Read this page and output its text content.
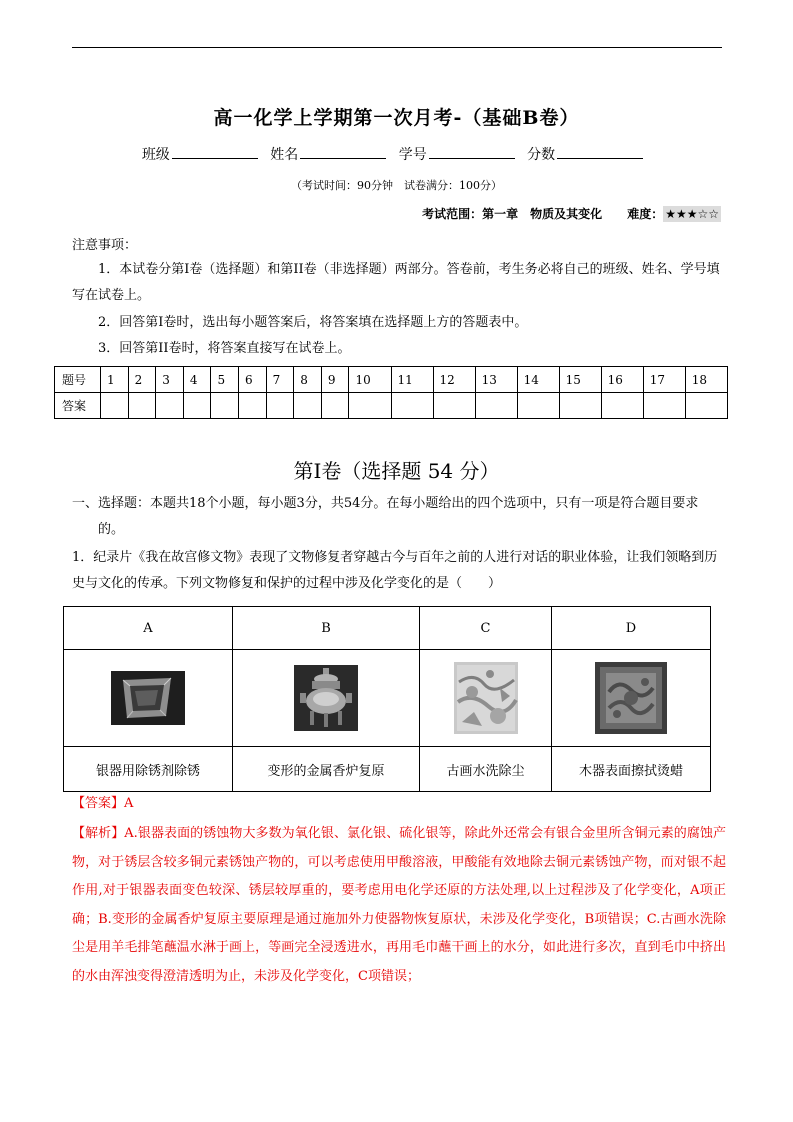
高一化学上学期第一次月考-（基础B卷）
班级	姓名	学号	分数
（考试时间：90分钟　试卷满分：100分）
考试范围：第一章　物质及其变化 难度： ★★★☆☆
注意事项：
1．本试卷分第I卷（选择题）和第II卷（非选择题）两部分。答卷前，考生务必将自己的班级、姓名、学号填写在试卷上。
2．回答第I卷时，选出每小题答案后，将答案填在选择题上方的答题表中。
3．回答第II卷时，将答案直接写在试卷上。
题号	1	2	3	4	5	6	7	8	9	10	11	12	13	14	15	16	17	18
答案																		
第I卷（选择题 54 分）
一、选择题：本题共18个小题，每小题3分，共54分。在每小题给出的四个选项中，只有一项是符合题目要求的。
1．纪录片《我在故宫修文物》表现了文物修复者穿越古今与百年之前的人进行对话的职业体验，让我们领略到历史与文化的传承。下列文物修复和保护的过程中涉及化学变化的是（　　）
A	B	C	D

银器用除锈剂除锈	变形的金属香炉复原	古画水洗除尘	木器表面擦拭烫蜡
【答案】A
【解析】A.银器表面的锈蚀物大多数为氧化银、氯化银、硫化银等，除此外还常会有银合金里所含铜元素的腐蚀产物，对于锈层含较多铜元素锈蚀产物的，可以考虑使用甲酸溶液，甲酸能有效地除去铜元素锈蚀产物，而对银不起作用,对于银器表面变色较深、锈层较厚重的，要考虑用电化学还原的方法处理,以上过程涉及了化学变化，A项正确；B.变形的金属香炉复原主要原理是通过施加外力使器物恢复原状，未涉及化学变化，B项错误；C.古画水洗除尘是用羊毛排笔蘸温水淋于画上，等画完全浸透进水，再用毛巾蘸干画上的水分，如此进行多次，直到毛巾中挤出的水由浑浊变得澄清透明为止，未涉及化学变化，C项错误；
